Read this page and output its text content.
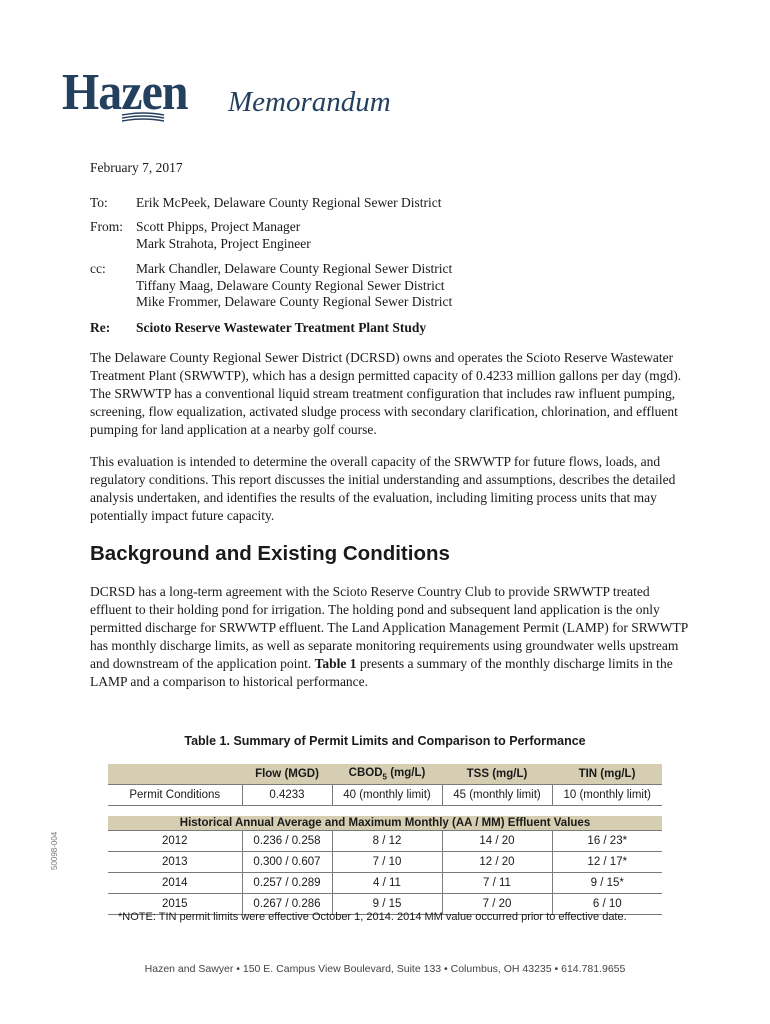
Hazen Memorandum
February 7, 2017
To:	Erik McPeek, Delaware County Regional Sewer District
From: Scott Phipps, Project Manager
Mark Strahota, Project Engineer
cc:	Mark Chandler, Delaware County Regional Sewer District
Tiffany Maag, Delaware County Regional Sewer District
Mike Frommer, Delaware County Regional Sewer District
Re:	Scioto Reserve Wastewater Treatment Plant Study

The Delaware County Regional Sewer District (DCRSD) owns and operates the Scioto Reserve Wastewater Treatment Plant (SRWWTP), which has a design permitted capacity of 0.4233 million gallons per day (mgd). The SRWWTP has a conventional liquid stream treatment configuration that includes raw influent pumping, screening, flow equalization, activated sludge process with secondary clarification, chlorination, and effluent pumping for land application at a nearby golf course.

This evaluation is intended to determine the overall capacity of the SRWWTP for future flows, loads, and regulatory conditions. This report discusses the initial understanding and assumptions, describes the detailed analysis undertaken, and identifies the results of the evaluation, including limiting process units that may potentially impact future capacity.

Background and Existing Conditions

DCRSD has a long-term agreement with the Scioto Reserve Country Club to provide SRWWTP treated effluent to their holding pond for irrigation. The holding pond and subsequent land application is the only permitted discharge for SRWWTP effluent. The Land Application Management Permit (LAMP) for SRWWTP has monthly discharge limits, as well as separate monitoring requirements using groundwater wells upstream and downstream of the application point. Table 1 presents a summary of the monthly discharge limits in the LAMP and a comparison to historical performance.

Table 1. Summary of Permit Limits and Comparison to Performance
	Flow (MGD)	$CBOD_5$ (mg/L)	TSS (mg/L)	TIN (mg/L)
Permit Conditions	0.4233	40 (monthly limit)	45 (monthly limit)	10 (monthly limit)

Historical Annual Average and Maximum Monthly (AA / MM) Effluent Values				
2012	0.236 / 0.258	8 / 12	14 / 20	16 / 23*
2013	0.300 / 0.607	7 / 10	12 / 20	12 / 17*
2014	0.257 / 0.289	4 / 11	7 / 11	9 / 15*
2015	0.267 / 0.286	9 / 15	7 / 20	6 / 10
*NOTE: TIN permit limits were effective October 1, 2014. 2014 MM value occurred prior to effective date.
50098-004
Hazen and Sawyer • 150 E. Campus View Boulevard, Suite 133 • Columbus, OH 43235 • 614.781.9655
